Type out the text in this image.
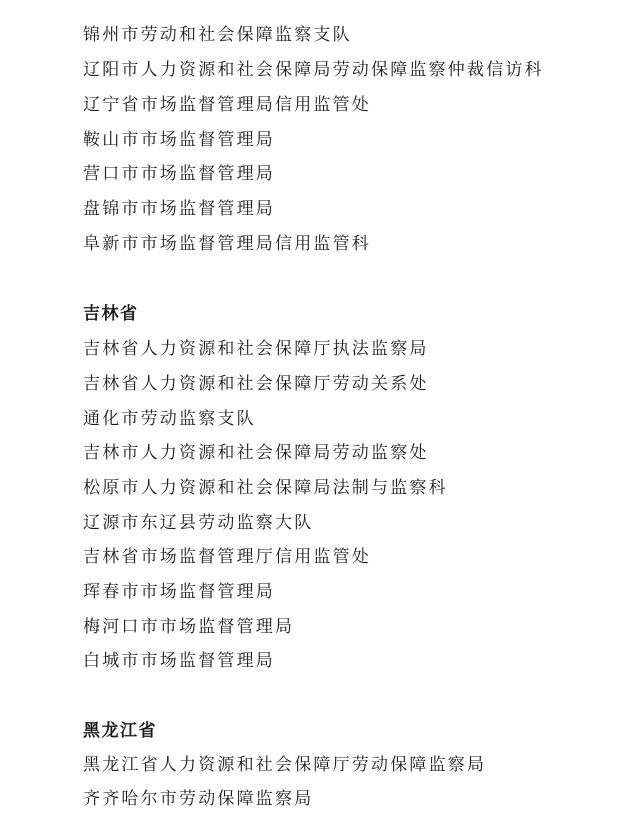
锦州市劳动和社会保障监察支队
辽阳市人力资源和社会保障局劳动保障监察仲裁信访科
辽宁省市场监督管理局信用监管处
鞍山市市场监督管理局
营口市市场监督管理局
盘锦市市场监督管理局
阜新市市场监督管理局信用监管科
吉林省
吉林省人力资源和社会保障厅执法监察局
吉林省人力资源和社会保障厅劳动关系处
通化市劳动监察支队
吉林市人力资源和社会保障局劳动监察处
松原市人力资源和社会保障局法制与监察科
辽源市东辽县劳动监察大队
吉林省市场监督管理厅信用监管处
珲春市市场监督管理局
梅河口市市场监督管理局
白城市市场监督管理局
黑龙江省
黑龙江省人力资源和社会保障厅劳动保障监察局
齐齐哈尔市劳动保障监察局
